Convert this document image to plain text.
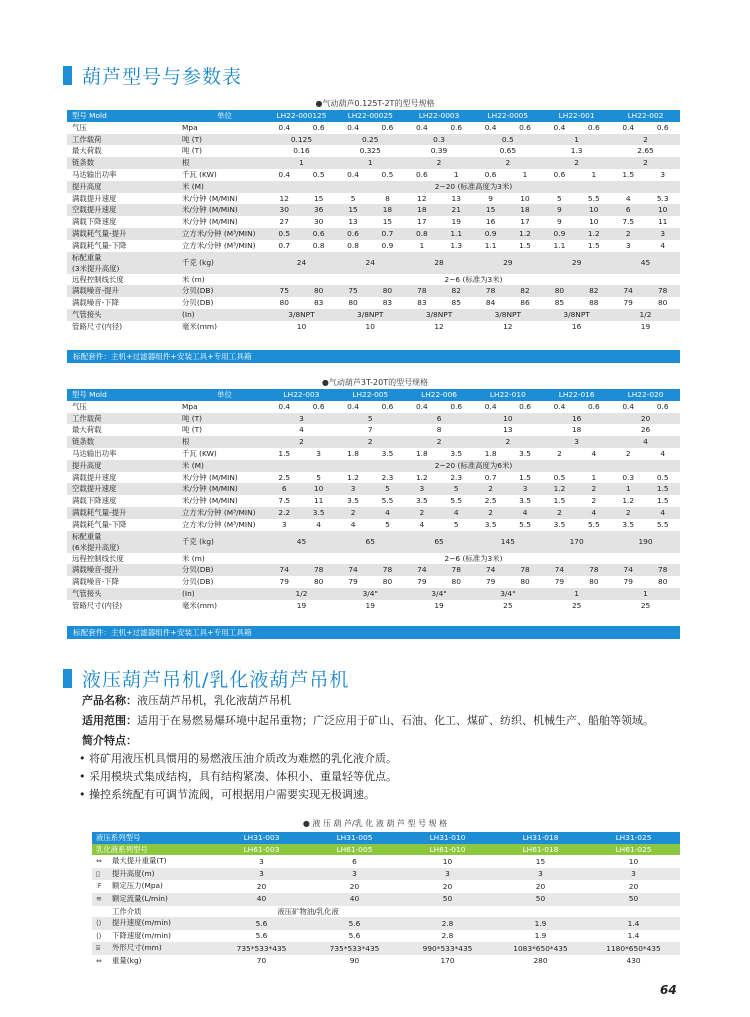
葫芦型号与参数表
●气动葫芦0.125T-2T的型号规格
型号 Mold	单位	LH22-000125		LH22-00025		LH22-0003		LH22-0005		LH22-001		LH22-002	
气压	Mpa	0.4	0.6	0.4	0.6	0.4	0.6	0.4	0.6	0.4	0.6	0.4	0.6
工作载荷	吨 (T)	0.125		0.25		0.3		0.5		1		2	
最大荷载	吨 (T)	0.16		0.325		0.39		0.65		1.3		2.65	
链条数	根	1		1		2		2		2		2	
马达输出功率	千瓦 (KW)	0.4	0.5	0.4	0.5	0.6	1	0.6	1	0.6	1	1.5	3
提升高度	米 (M)	2~20 (标准高度为3米)											
满载提升速度	米/分钟 (M/MIN)	12	15	5	8	12	13	9	10	5	5.5	4	5.3
空载提升速度	米/分钟 (M/MIN)	30	36	15	18	18	21	15	18	9	10	6	10
满载下降速度	米/分钟 (M/MIN)	27	30	13	15	17	19	16	17	9	10	7.5	11
满载耗气量-提升	立方米/分钟 (M³/MIN)	0.5	0.6	0.6	0.7	0.8	1.1	0.9	1.2	0.9	1.2	2	3
满载耗气量-下降	立方米/分钟 (M³/MIN)	0.7	0.8	0.8	0.9	1	1.3	1.1	1.5	1.1	1.5	3	4

标配重量
(3米提升高度)	千克 (kg)	24		24		28		29		29		45	
远程控制线长度	米 (m)	2~6 (标准为3米)											
满载噪音-提升	分贝(DB)	75	80	75	80	78	82	78	82	80	82	74	78
满载噪音-下降	分贝(DB)	80	83	80	83	83	85	84	86	85	88	79	80
气管接头	(In)	3/8NPT		3/8NPT		3/8NPT		3/8NPT		3/8NPT		1/2	
管路尺寸(内径)	毫米(mm)	10		10		12		12		16		19	
标配套件：主机+过滤器组件+安装工具+专用工具箱
●气动葫芦3T-20T的型号规格
型号 Mold	单位	LH22-003		LH22-005		LH22-006		LH22-010		LH22-016		LH22-020	
气压	Mpa	0.4	0.6	0.4	0.6	0.4	0.6	0.4	0.6	0.4	0.6	0.4	0.6
工作载荷	吨 (T)	3		5		6		10		16		20	
最大荷载	吨 (T)	4		7		8		13		18		26	
链条数	根	2		2		2		2		3		4	
马达输出功率	千瓦 (KW)	1.5	3	1.8	3.5	1.8	3.5	1.8	3.5	2	4	2	4
提升高度	米 (M)	2~20 (标准高度为6米)											
满载提升速度	米/分钟 (M/MIN)	2.5	5	1.2	2.3	1.2	2.3	0.7	1.5	0.5	1	0.3	0.5
空载提升速度	米/分钟 (M/MIN)	6	10	3	5	3	5	2	3	1.2	2	1	1.5
满载下降速度	米/分钟 (M/MIN)	7.5	11	3.5	5.5	3.5	5.5	2.5	3.5	1.5	2	1.2	1.5
满载耗气量-提升	立方米/分钟 (M³/MIN)	2.2	3.5	2	4	2	4	2	4	2	4	2	4
满载耗气量-下降	立方米/分钟 (M³/MIN)	3	4	4	5	4	5	3.5	5.5	3.5	5.5	3.5	5.5

标配重量
(6米提升高度)	千克 (kg)	45		65		65		145		170		190	
远程控制线长度	米 (m)	2~6 (标准为3米)											
满载噪音-提升	分贝(DB)	74	78	74	78	74	78	74	78	74	78	74	78
满载噪音-下降	分贝(DB)	79	80	79	80	79	80	79	80	79	80	79	80
气管接头	(In)	1/2		3/4"		3/4"		3/4"		1		1	
管路尺寸(内径)	毫米(mm)	19		19		19		25		25		25	
标配套件：主机+过滤器组件+安装工具+专用工具箱
液压葫芦吊机/乳化液葫芦吊机
产品名称：液压葫芦吊机，乳化液葫芦吊机
适用范围：适用于在易燃易爆环境中起吊重物；广泛应用于矿山、石油、化工、煤矿、纺织、机械生产、船舶等领域。
简介特点：
• 将矿用液压机具惯用的易燃液压油介质改为难燃的乳化液介质。
• 采用模块式集成结构，具有结构紧凑、体积小、重量轻等优点。
• 操控系统配有可调节流阀，可根据用户需要实现无极调速。
● 液 压 葫 芦/乳 化 液 葫 芦 型 号 规 格
液压系列型号	LH31-003	LH31-005	LH31-010	LH31-018	LH31-025
乳化液系列型号	LH61-003	LH61-005	LH61-010	LH61-018	LH61-025
⇔ 最大提升重量(T)	3	6	10	15	10
▯ 提升高度(m)	3	3	3	3	3
⫶F 额定压力(Mpa)	20	20	20	20	20
≋ 额定流量(L/min)	40	40	50	50	50
工作介质	液压矿物油/乳化液				
⟨⟩ 提升速度(m/min)	5.6	5.6	2.8	1.9	1.4
⟨⟩ 下降速度(m/min)	5.6	5.6	2.8	1.9	1.4
⌸ 外形尺寸(mm)	735*533*435	735*533*435	990*533*435	1083*650*435	1180*650*435
⇔ 重量(kg)	70	90	170	280	430
64
